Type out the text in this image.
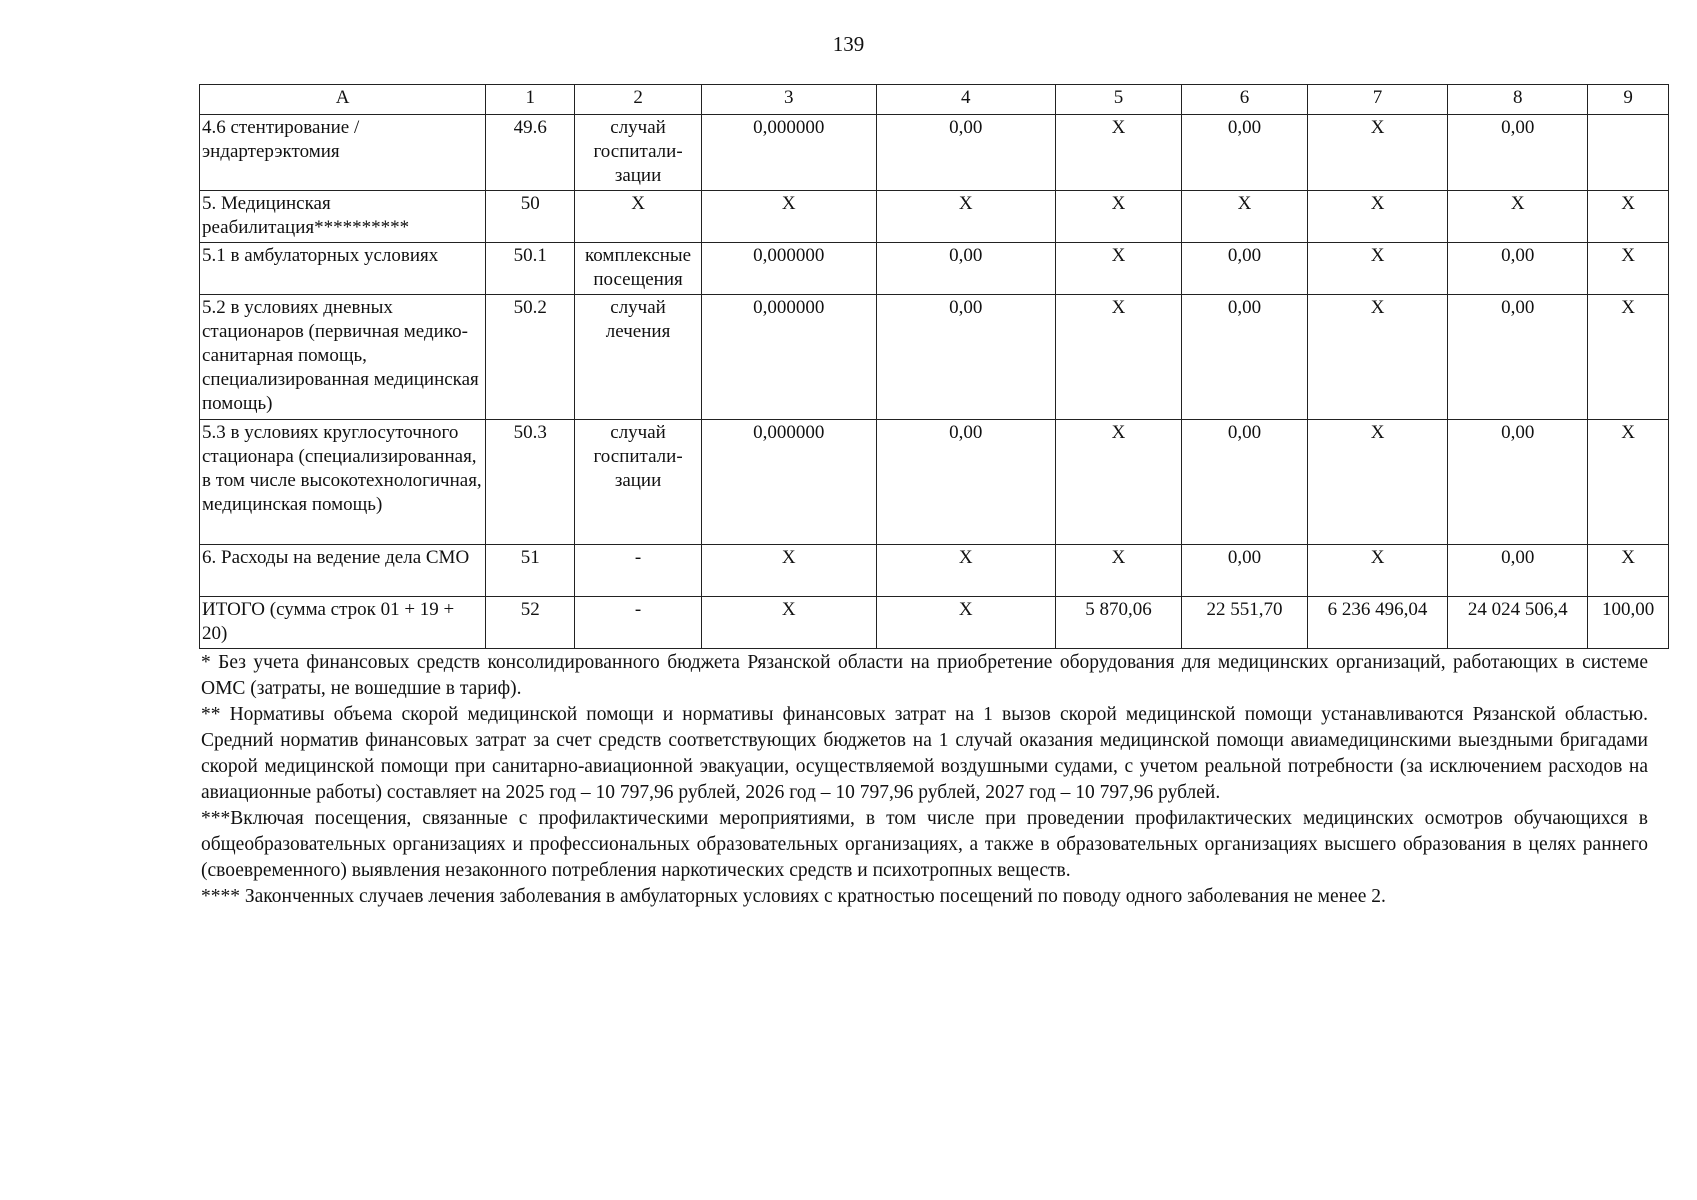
139
А	1	2	3	4	5	6	7	8	9
4.6 стентирование / эндартерэктомия	49.6	случай госпитали-зации	0,000000	0,00	Х	0,00	Х	0,00	
5. Медицинская реабилитация**********	50	Х	Х	Х	Х	Х	Х	Х	Х
5.1 в амбулаторных условиях	50.1	комплексные посещения	0,000000	0,00	Х	0,00	Х	0,00	Х
5.2 в условиях дневных стационаров (первичная медико-санитарная помощь, специализированная медицинская помощь)	50.2	случай лечения	0,000000	0,00	Х	0,00	Х	0,00	Х
5.3 в условиях круглосуточного стационара (специализированная, в том числе высокотехнологичная, медицинская помощь)	50.3	случай госпитали-зации	0,000000	0,00	Х	0,00	Х	0,00	Х
6. Расходы на ведение дела СМО	51	-	Х	Х	Х	0,00	Х	0,00	Х
ИТОГО (сумма строк 01 + 19 + 20)	52	-	Х	Х	5 870,06	22 551,70	6 236 496,04	24 024 506,4	100,00

* Без учета финансовых средств консолидированного бюджета Рязанской области на приобретение оборудования для медицинских организаций, работающих в системе ОМС (затраты, не вошедшие в тариф).

** Нормативы объема скорой медицинской помощи и нормативы финансовых затрат на 1 вызов скорой медицинской помощи устанавливаются Рязанской областью. Средний норматив финансовых затрат за счет средств соответствующих бюджетов на 1 случай оказания медицинской помощи авиамедицинскими выездными бригадами скорой медицинской помощи при санитарно-авиационной эвакуации, осуществляемой воздушными судами, с учетом реальной потребности (за исключением расходов на авиационные работы) составляет на 2025 год – 10 797,96 рублей, 2026 год – 10 797,96 рублей, 2027 год – 10 797,96 рублей.

***Включая посещения, связанные с профилактическими мероприятиями, в том числе при проведении профилактических медицинских осмотров обучающихся в общеобразовательных организациях и профессиональных образовательных организациях, а также в образовательных организациях высшего образования в целях раннего (своевременного) выявления незаконного потребления наркотических средств и психотропных веществ.

**** Законченных случаев лечения заболевания в амбулаторных условиях с кратностью посещений по поводу одного заболевания не менее 2.
